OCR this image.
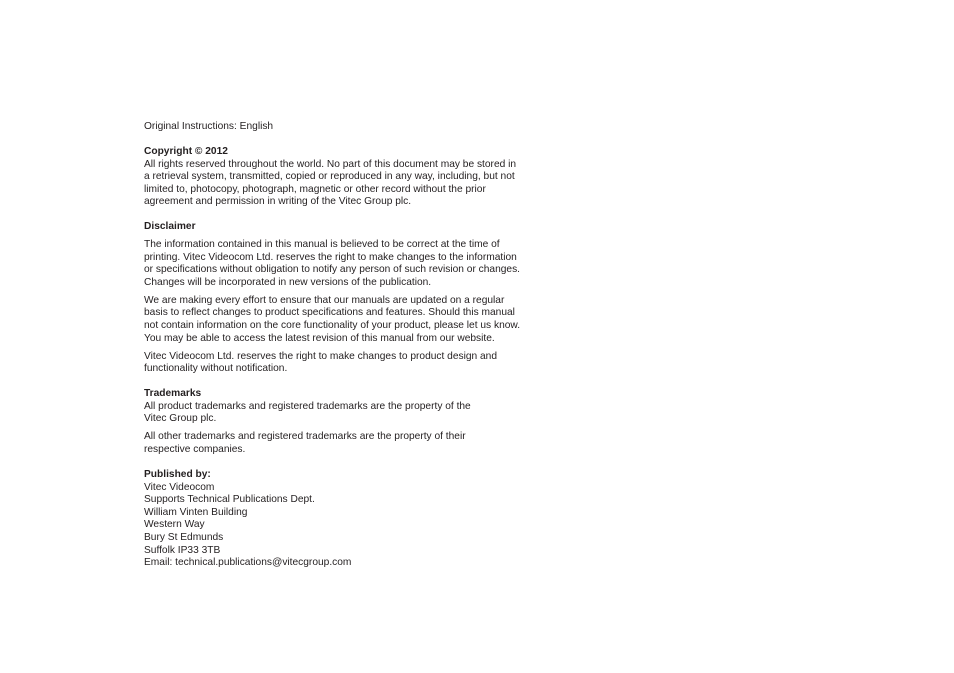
Original Instructions: English
Copyright © 2012
All rights reserved throughout the world. No part of this document may be stored in
a retrieval system, transmitted, copied or reproduced in any way, including, but not
limited to, photocopy, photograph, magnetic or other record without the prior
agreement and permission in writing of the Vitec Group plc.
Disclaimer
The information contained in this manual is believed to be correct at the time of
printing. Vitec Videocom Ltd. reserves the right to make changes to the information
or specifications without obligation to notify any person of such revision or changes.
Changes will be incorporated in new versions of the publication.
We are making every effort to ensure that our manuals are updated on a regular
basis to reflect changes to product specifications and features. Should this manual
not contain information on the core functionality of your product, please let us know.
You may be able to access the latest revision of this manual from our website.
Vitec Videocom Ltd. reserves the right to make changes to product design and
functionality without notification.
Trademarks
All product trademarks and registered trademarks are the property of the
Vitec Group plc.
All other trademarks and registered trademarks are the property of their
respective companies.
Published by:
Vitec Videocom
Supports Technical Publications Dept.
William Vinten Building
Western Way
Bury St Edmunds
Suffolk IP33 3TB
Email: technical.publications@vitecgroup.com
